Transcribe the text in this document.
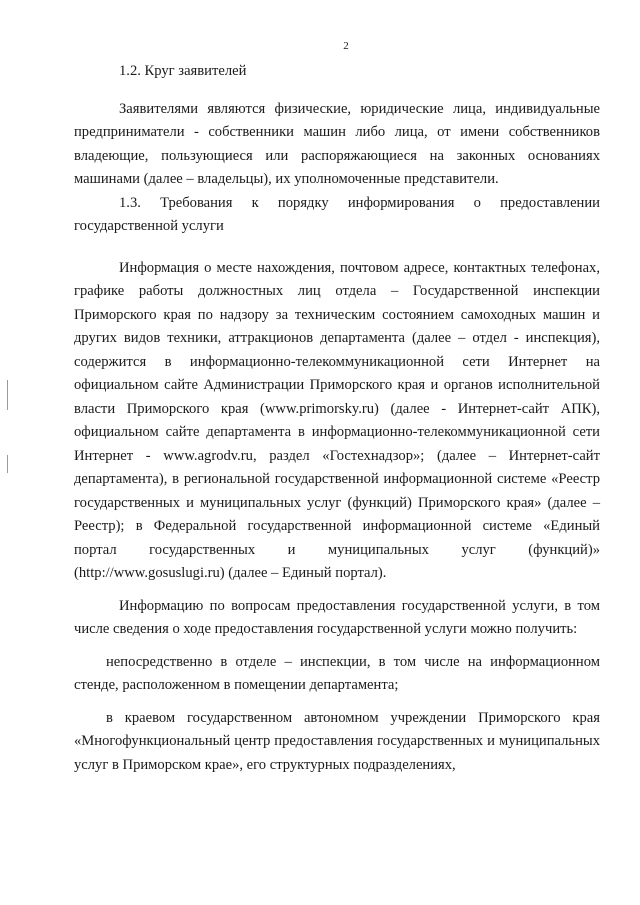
2

1.2. Круг заявителей

Заявителями являются физические, юридические лица, индивидуальные предприниматели - собственники машин либо лица, от имени собственников владеющие, пользующиеся или распоряжающиеся на законных основаниях машинами (далее – владельцы), их уполномоченные представители.

1.3. Требования к порядку информирования о предоставлении государственной услуги

Информация о месте нахождения, почтовом адресе, контактных телефонах, графике работы должностных лиц отдела – Государственной инспекции Приморского края по надзору за техническим состоянием самоходных машин и других видов техники, аттракционов департамента (далее – отдел - инспекция), содержится в информационно-телекоммуникационной сети Интернет на официальном сайте Администрации Приморского края и органов исполнительной власти Приморского края (www.primorsky.ru) (далее - Интернет-сайт АПК), официальном сайте департамента в информационно-телекоммуникационной сети Интернет - www.agrodv.ru, раздел «Гостехнадзор»; (далее – Интернет-сайт департамента), в региональной государственной информационной системе «Реестр государственных и муниципальных услуг (функций) Приморского края» (далее – Реестр); в Федеральной государственной информационной системе «Единый портал государственных и муниципальных услуг (функций)» (http://www.gosuslugi.ru) (далее – Единый портал).

Информацию по вопросам предоставления государственной услуги, в том числе сведения о ходе предоставления государственной услуги можно получить:

непосредственно в отделе – инспекции, в том числе на информационном стенде, расположенном в помещении департамента;

в краевом государственном автономном учреждении Приморского края «Многофункциональный центр предоставления государственных и муниципальных услуг в Приморском крае», его структурных подразделениях,
